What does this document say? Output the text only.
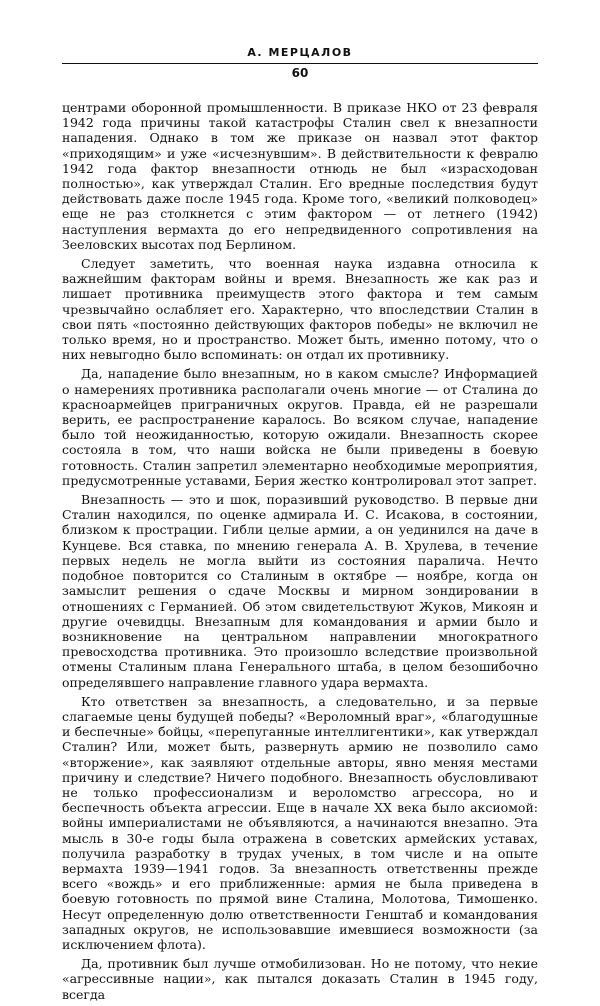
А. МЕРЦАЛОВ
60

центрами оборонной промышленности. В приказе НКО от 23 февраля 1942 года причины такой катастрофы Сталин свел к внезапности нападения. Однако в том же приказе он назвал этот фактор «приходящим» и уже «исчезнувшим». В действительности к февралю 1942 года фактор внезапности отнюдь не был «израсходован полностью», как утверждал Сталин. Его вредные последствия будут действовать даже после 1945 года. Кроме того, «великий полководец» еще не раз столкнется с этим фактором — от летнего (1942) наступления вермахта до его непредвиденного сопротивления на Зееловских высотах под Берлином.

Следует заметить, что военная наука издавна относила к важнейшим факторам войны и время. Внезапность же как раз и лишает противника преимуществ этого фактора и тем самым чрезвычайно ослабляет его. Характерно, что впоследствии Сталин в свои пять «постоянно действующих факторов победы» не включил не только время, но и пространство. Может быть, именно потому, что о них невыгодно было вспоминать: он отдал их противнику.

Да, нападение было внезапным, но в каком смысле? Информацией о намерениях противника располагали очень многие — от Сталина до красноармейцев приграничных округов. Правда, ей не разрешали верить, ее распространение каралось. Во всяком случае, нападение было той неожиданностью, которую ожидали. Внезапность скорее состояла в том, что наши войска не были приведены в боевую готовность. Сталин запретил элементарно необходимые мероприятия, предусмотренные уставами, Берия жестко контролировал этот запрет.

Внезапность — это и шок, поразивший руководство. В первые дни Сталин находился, по оценке адмирала И. С. Исакова, в состоянии, близком к прострации. Гибли целые армии, а он уединился на даче в Кунцеве. Вся ставка, по мнению генерала А. В. Хрулева, в течение первых недель не могла выйти из состояния паралича. Нечто подобное повторится со Сталиным в октябре — ноябре, когда он замыслит решения о сдаче Москвы и мирном зондировании в отношениях с Германией. Об этом свидетельствуют Жуков, Микоян и другие очевидцы. Внезапным для командования и армии было и возникновение на центральном направлении многократного превосходства противника. Это произошло вследствие произвольной отмены Сталиным плана Генерального штаба, в целом безошибочно определявшего направление главного удара вермахта.

Кто ответствен за внезапность, а следовательно, и за первые слагаемые цены будущей победы? «Вероломный враг», «благодушные и беспечные» бойцы, «перепуганные интеллигентики», как утверждал Сталин? Или, может быть, развернуть армию не позволило само «вторжение», как заявляют отдельные авторы, явно меняя местами причину и следствие? Ничего подобного. Внезапность обусловливают не только профессионализм и вероломство агрессора, но и беспечность объекта агрессии. Еще в начале XX века было аксиомой: войны империалистами не объявляются, а начинаются внезапно. Эта мысль в 30-е годы была отражена в советских армейских уставах, получила разработку в трудах ученых, в том числе и на опыте вермахта 1939—1941 годов. За внезапность ответственны прежде всего «вождь» и его приближенные: армия не была приведена в боевую готовность по прямой вине Сталина, Молотова, Тимошенко. Несут определенную долю ответственности Генштаб и командования западных округов, не использовавшие имевшиеся возможности (за исключением флота).

Да, противник был лучше отмобилизован. Но не потому, что некие «агрессивные нации», как пытался доказать Сталин в 1945 году, всегда
